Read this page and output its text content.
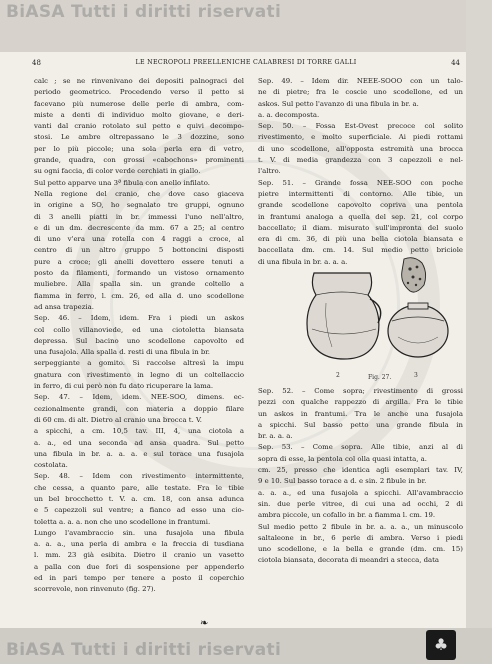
BiASA Tutti i diritti riservati
BiASA Tutti i diritti riservati
48	LE NECROPOLI PREELLENICHE CALABRESI DI TORRE GALLI	44
calc ; se ne rinvenivano dei depositi palnograci del
periodo geometrico. Procedendo verso il petto si
facevano più numerose delle perle di ambra, com-
miste a denti di individuo molto giovane, e deri-
vanti dal cranio rotolato sul petto e quivi decompo-
stosi. Le ambre oltrepassano le 3 dozzine, sono
per lo più piccole; una sola perla era di vetro,
grande, quadra, con grossi «cabochons» prominenti
su ogni faccia, di color verde cerchiati in giallo.
Sul petto apparve una 3ª fibula con anello infilato.
Nella regione del cranio, che dove caso giaceva
in origine a SO, ho segnalato tre gruppi, ognuno
di 3 anelli piatti in br. immessi l'uno nell'altro,
e di un dm. decrescente da mm. 67 a 25; al centro
di uno v'era una rotella con 4 raggi a croce, al
centro di un altro gruppo 5 bottoncini disposti
pure a croce; gli anelli dovettero essere tenuti a
posto da filamenti, formando un vistoso ornamento
muliebre. Alla spalla sin. un grande coltello a
fiamma in ferro, l. cm. 26, ed alla d. uno scodellone
ad ansa trapezia.
Sep. 46. – Idem, idem. Fra i piedi un askos
col collo villanoviede, ed una ciotoletta biansata
depressa. Sul bacino uno scodellone capovolto ed
una fusajola. Alla spalla d. resti di una fibula in br.
serpeggiante a gomito. Si raccolse altresì la impu
gnatura con rivestimento in legno di un coltellaccio
in ferro, di cui però non fu dato ricuperare la lama.
Sep. 47. – Idem, idem. NEE-SOO, dimens. ec-
cezionalmente grandi, con materia a doppio filare
di 60 cm. di alt. Dietro al cranio una brocca t. V.
a spicchi, a cm. 10,5 tav. III, 4, una ciotola a
a. a., ed una seconda ad ansa quadra. Sul petto
una fibula in br. a. a. a. e sul torace una fusajola
costolata.
Sep. 48. – Idem con rivestimento intermittente,
che cessa, a quanto pare, alle testate. Fra le tibie
un bel brocchetto t. V. a. cm. 18, con ansa adunca
e 5 capezzoli sul ventre; a fianco ad esso una cio-
toletta a. a. a. non che uno scodellone in frantumi.
Lungo l'avambraccio sin. una fusajola una fibula
a. a. a., una perla di ambra e la freccia di tusdiana
l. mm. 23 già esibita. Dietro il cranio un vasetto
a palla con due fori di sospensione per appenderlo
ed in pari tempo per tenere a posto il coperchio
scorrevole, non rinvenuto (fig. 27).
Sep. 49. – Idem dir. NEEE-SOOO con un talo-
ne di pietre; fra le coscie uno scodellone, ed un
askos. Sul petto l'avanzo di una fibula in br. a.
a. a. decomposta.
Sep. 50. – Fossa Est-Ovest precoce col solito
rivestimento, e molto superficiale. Ai piedi rottami
di uno scodellone, all'opposta estremità una brocca
t. V. di media grandezza con 3 capezzoli e nel-
l'altro.
Sep. 51. – Grande fossa NEE-SOO con poche
pietre intermittenti di contorno. Alle tibie, un
grande scodellone capovolto copriva una pentola
in frantumi analoga a quella del sep. 21, col corpo
baccellato; il diam. misurato sull'impronta del suolo
era di cm. 36, di più una bella ciotola biansata e
baccellata dm. cm. 14. Sul medio petto briciole
di una fibula in br. a. a. a.
2	3
Fig. 27.
Sep. 52. – Come sopra; rivestimento di grossi
pezzi con qualche rappezzo di argilla. Fra le tibie
un askos in frantumi. Tra le anche una fusajola
a spicchi. Sul basso petto una grande fibula in
br. a. a. a.
Sep. 53. – Come sopra. Alle tibie, anzi al di
sopra di esse, la pentola col olla quasi intatta, a.
cm. 25, presso che identica agli esemplari tav. IV,
9 e 10. Sul basso torace a d. e sin. 2 fibule in br.
a. a. a., ed una fusajola a spicchi. All'avambraccio
sin. due perle vitree, di cui una ad occhi, 2 di
ambra piccole, un cofallo in br. a fiamma l. cm. 19.
Sul medio petto 2 fibule in br. a. a. a., un minuscolo
saltaleone in br., 6 perle di ambra. Verso i piedi
uno scodellone, e la bella e grande (dm. cm. 15)
ciotola biansata, decorata di meandri a stecca, data
❧
♣
